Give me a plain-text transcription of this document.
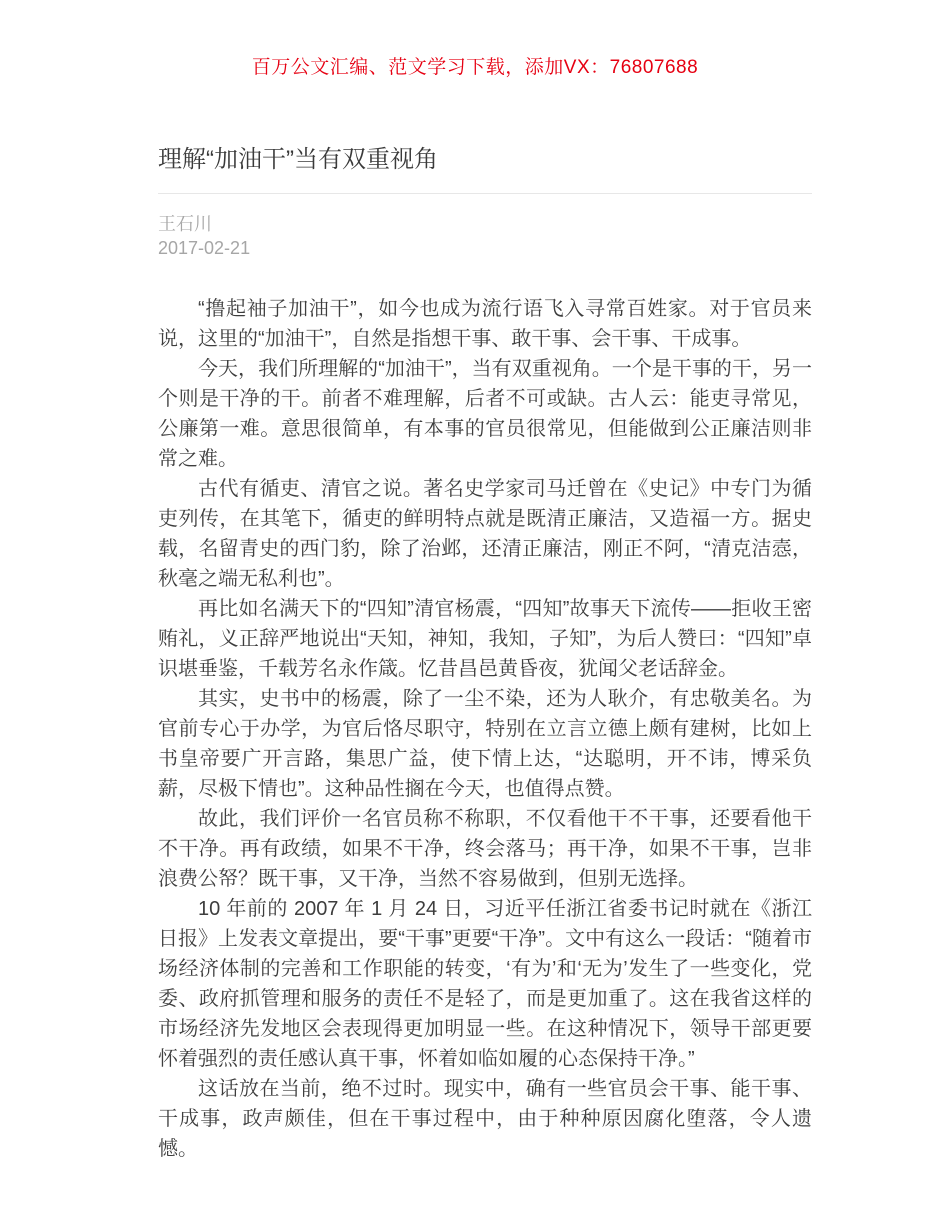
百万公文汇编、范文学习下载，添加VX：76807688
理解“加油干”当有双重视角
王石川
2017-02-21

“撸起袖子加油干”，如今也成为流行语飞入寻常百姓家。对于官员来说，这里的“加油干”，自然是指想干事、敢干事、会干事、干成事。

今天，我们所理解的“加油干”，当有双重视角。一个是干事的干，另一个则是干净的干。前者不难理解，后者不可或缺。古人云：能吏寻常见，公廉第一难。意思很简单，有本事的官员很常见，但能做到公正廉洁则非常之难。

古代有循吏、清官之说。著名史学家司马迁曾在《史记》中专门为循吏列传，在其笔下，循吏的鲜明特点就是既清正廉洁，又造福一方。据史载，名留青史的西门豹，除了治邺，还清正廉洁，刚正不阿，“清克洁悫，秋毫之端无私利也”。

再比如名满天下的“四知”清官杨震，“四知”故事天下流传——拒收王密贿礼，义正辞严地说出“天知，神知，我知，子知”，为后人赞曰：“四知”卓识堪垂鉴，千载芳名永作箴。忆昔昌邑黄昏夜，犹闻父老话辞金。

其实，史书中的杨震，除了一尘不染，还为人耿介，有忠敬美名。为官前专心于办学，为官后恪尽职守，特别在立言立德上颇有建树，比如上书皇帝要广开言路，集思广益，使下情上达，“达聪明，开不讳，博采负薪，尽极下情也”。这种品性搁在今天，也值得点赞。

故此，我们评价一名官员称不称职，不仅看他干不干事，还要看他干不干净。再有政绩，如果不干净，终会落马；再干净，如果不干事，岂非浪费公帑？既干事，又干净，当然不容易做到，但别无选择。

10 年前的 2007 年 1 月 24 日，习近平任浙江省委书记时就在《浙江日报》上发表文章提出，要“干事”更要“干净”。文中有这么一段话：“随着市场经济体制的完善和工作职能的转变，‘有为’和‘无为’发生了一些变化，党委、政府抓管理和服务的责任不是轻了，而是更加重了。这在我省这样的市场经济先发地区会表现得更加明显一些。在这种情况下，领导干部更要怀着强烈的责任感认真干事，怀着如临如履的心态保持干净。”

这话放在当前，绝不过时。现实中，确有一些官员会干事、能干事、干成事，政声颇佳，但在干事过程中，由于种种原因腐化堕落，令人遗憾。
